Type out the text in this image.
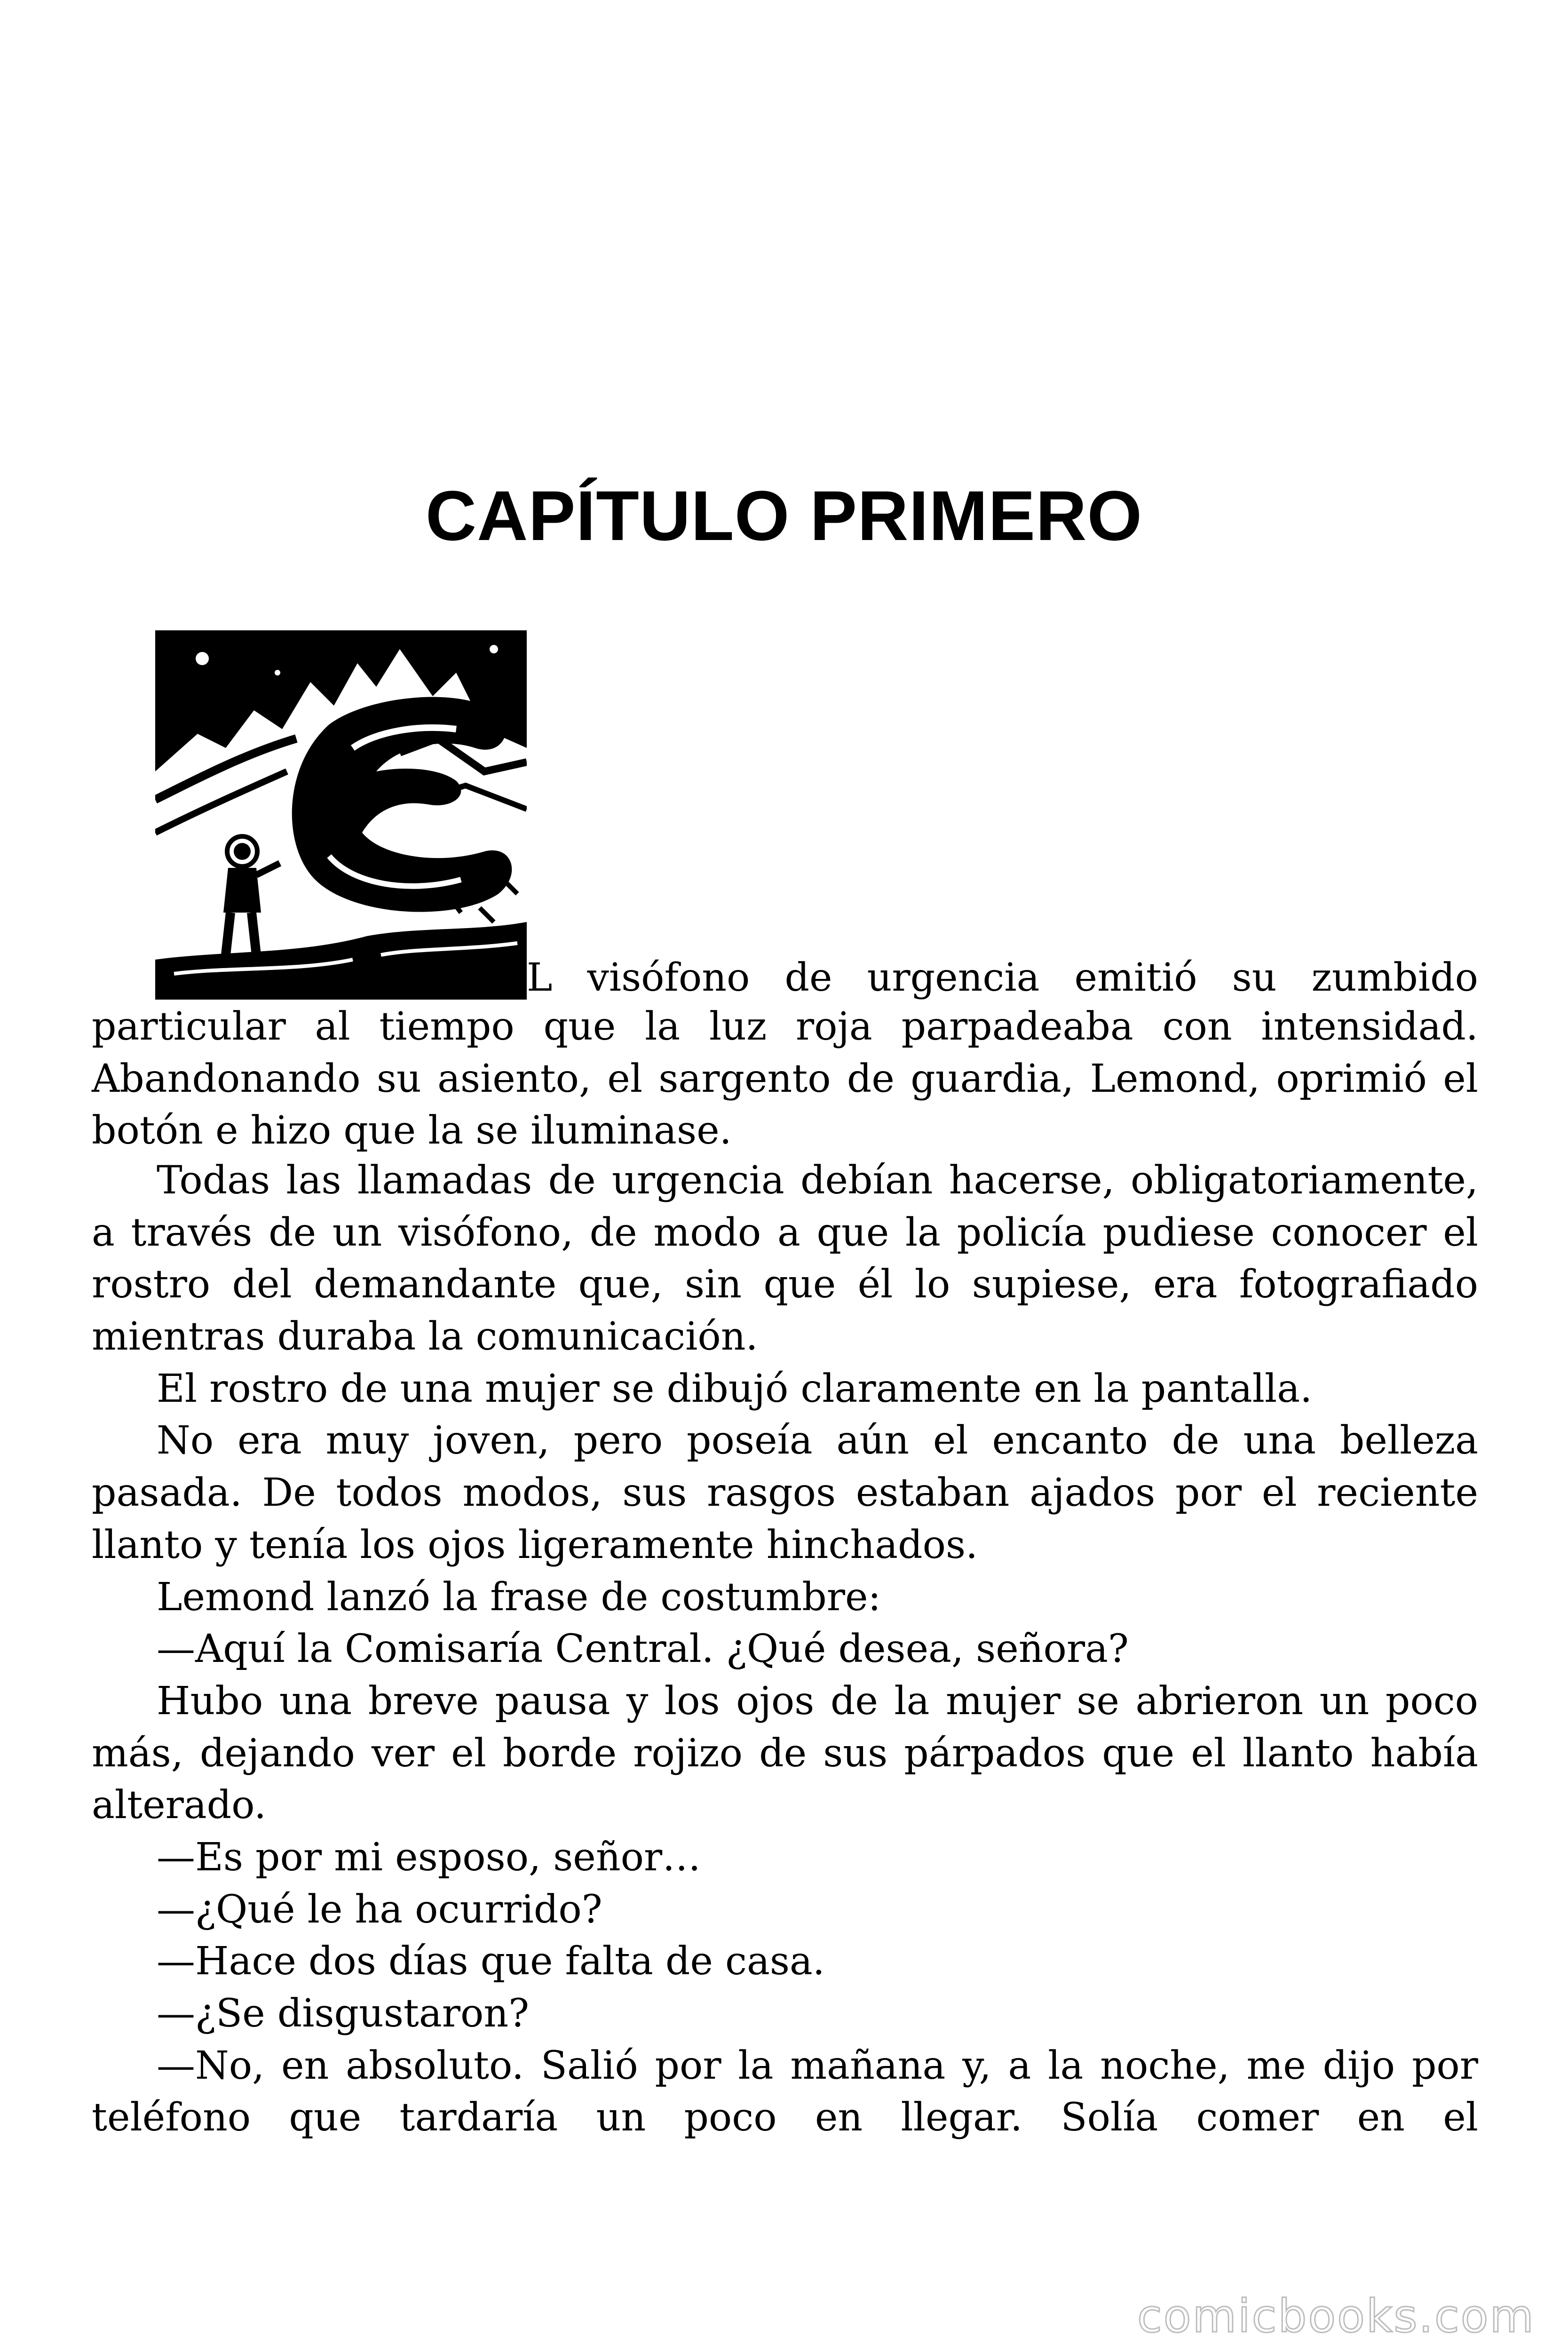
CAPÍTULO PRIMERO
L visófono de urgencia emitió su zumbido

particular al tiempo que la luz roja parpadeaba con intensidad. Abandonando su asiento, el sargento de guardia, Lemond, oprimió el botón e hizo que la se iluminase.

Todas las llamadas de urgencia debían hacerse, obligatoriamente, a través de un visófono, de modo a que la policía pudiese conocer el rostro del demandante que, sin que él lo supiese, era fotografiado mientras duraba la comunicación.

El rostro de una mujer se dibujó claramente en la pantalla.

No era muy joven, pero poseía aún el encanto de una belleza pasada. De todos modos, sus rasgos estaban ajados por el reciente llanto y tenía los ojos ligeramente hinchados.

Lemond lanzó la frase de costumbre:

—Aquí la Comisaría Central. ¿Qué desea, señora?

Hubo una breve pausa y los ojos de la mujer se abrieron un poco más, dejando ver el borde rojizo de sus párpados que el llanto había alterado.

—Es por mi esposo, señor…

—¿Qué le ha ocurrido?

—Hace dos días que falta de casa.

—¿Se disgustaron?

—No, en absoluto. Salió por la mañana y, a la noche, me dijo por teléfono que tardaría un poco en llegar. Solía comer en el

comicbooks.com
